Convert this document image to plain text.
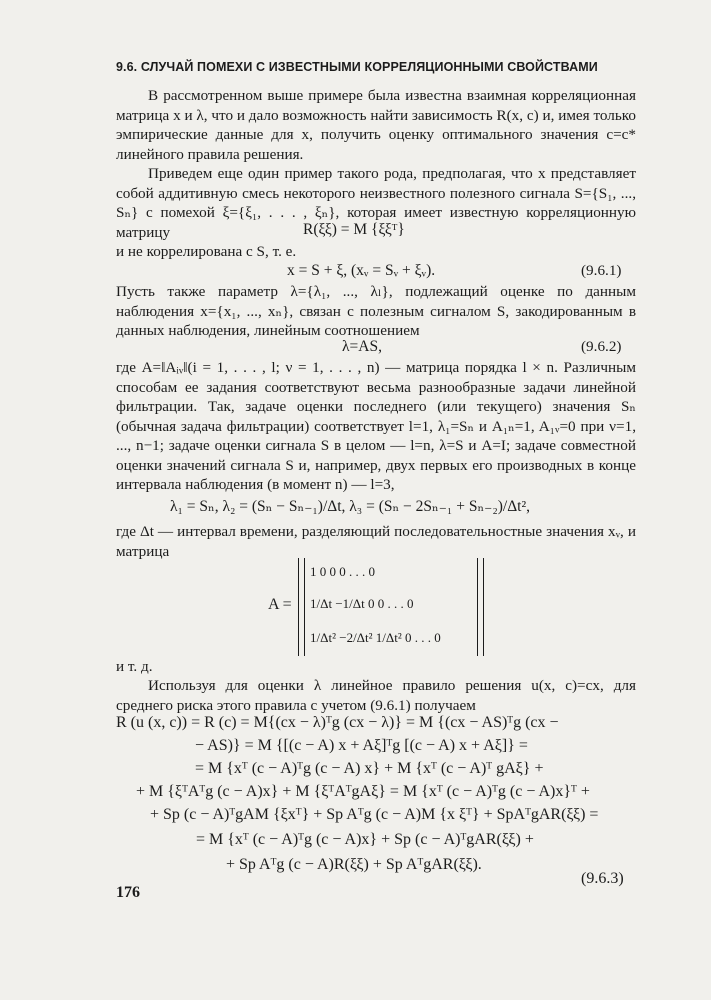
9.6. СЛУЧАЙ ПОМЕХИ С ИЗВЕСТНЫМИ КОРРЕЛЯЦИОННЫМИ СВОЙСТВАМИ
В рассмотренном выше примере была известна взаимная корреляционная матрица x и λ, что и дало возможность найти зависимость R(x, c) и, имея только эмпирические данные для x, получить оценку оптимального значения c=c* линейного правила решения.
Приведем еще один пример такого рода, предполагая, что x представляет собой аддитивную смесь некоторого неизвестного полезного сигнала S={S₁, ..., Sₙ} с помехой ξ={ξ₁, . . . , ξₙ}, которая имеет известную корреляционную матрицу	R(ξξ) = M {ξξᵀ}
и не коррелирована с S, т. е.
x = S + ξ, (xᵥ = Sᵥ + ξᵥ).	(9.6.1)
Пусть также параметр λ={λ₁, ..., λₗ}, подлежащий оценке по данным наблюдения x={x₁, ..., xₙ}, связан с полезным сигналом S, закодированным в данных наблюдения, линейным соотношением
λ=AS,	(9.6.2)
где A=‖Aᵢᵥ‖(i = 1, . . . , l; ν = 1, . . . , n) — матрица порядка l × n. Различным способам ее задания соответствуют весьма разнообразные задачи линейной фильтрации. Так, задаче оценки последнего (или текущего) значения Sₙ (обычная задача фильтрации) соответствует l=1, λ₁=Sₙ и A₁ₙ=1, A₁ᵥ=0 при ν=1, ..., n−1; задаче оценки сигнала S в целом — l=n, λ=S и A=I; задаче совместной оценки значений сигнала S и, например, двух первых его производных в конце интервала наблюдения (в момент n) — l=3,
λ₁ = Sₙ, λ₂ = (Sₙ − Sₙ₋₁)/Δt, λ₃ = (Sₙ − 2Sₙ₋₁ + Sₙ₋₂)/Δt²,
где Δt — интервал времени, разделяющий последовательностные значения xᵥ, и матрица
A =
1 0 0 0 . . . 0
1/Δt −1/Δt 0 0 . . . 0
1/Δt² −2/Δt² 1/Δt² 0 . . . 0
и т. д.
Используя для оценки λ линейное правило решения u(x, c)=cx, для среднего риска этого правила с учетом (9.6.1) получаем
R (u (x, c)) = R (c) = M{(cx − λ)ᵀg (cx − λ)} = M {(cx − AS)ᵀg (cx −
− AS)} = M {[(c − A) x + Aξ]ᵀg [(c − A) x + Aξ]} =
= M {xᵀ (c − A)ᵀg (c − A) x} + M {xᵀ (c − A)ᵀ gAξ} +
+ M {ξᵀAᵀg (c − A)x} + M {ξᵀAᵀgAξ} = M {xᵀ (c − A)ᵀg (c − A)x}ᵀ +
+ Sp (c − A)ᵀgAM {ξxᵀ} + Sp Aᵀg (c − A)M {x ξᵀ} + SpAᵀgAR(ξξ) =
= M {xᵀ (c − A)ᵀg (c − A)x} + Sp (c − A)ᵀgAR(ξξ) +
+ Sp Aᵀg (c − A)R(ξξ) + Sp AᵀgAR(ξξ).
(9.6.3)
176
